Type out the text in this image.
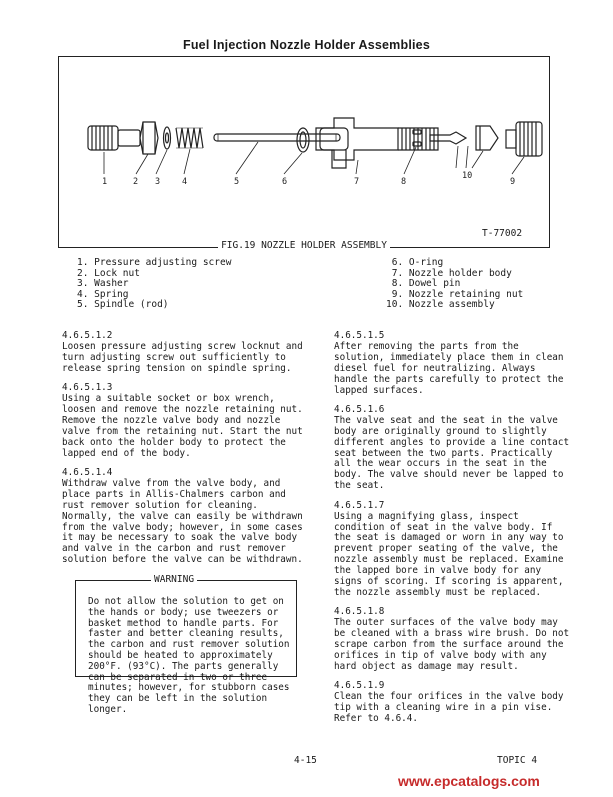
Fuel Injection Nozzle Holder Assemblies
1	2 3	4	5	6	7	8
10
9
T-77002
FIG.19 NOZZLE HOLDER ASSEMBLY
1. Pressure adjusting screw
2. Lock nut
3. Washer
4. Spring
5. Spindle (rod)
6. O-ring
7. Nozzle holder body
8. Dowel pin
9. Nozzle retaining nut
10. Nozzle assembly
4.6.5.1.2
Loosen pressure adjusting screw locknut and turn adjusting screw out sufficiently to release spring tension on spindle spring.
4.6.5.1.3
Using a suitable socket or box wrench, loosen and remove the nozzle retaining nut. Remove the nozzle valve body and nozzle valve from the retaining nut. Start the nut back onto the holder body to protect the lapped end of the body.
4.6.5.1.4
Withdraw valve from the valve body, and place parts in Allis-Chalmers carbon and rust remover solution for cleaning. Normally, the valve can easily be withdrawn from the valve body; however, in some cases it may be necessary to soak the valve body and valve in the carbon and rust remover solution before the valve can be withdrawn.
WARNING
Do not allow the solution to get on the hands or body; use tweezers or basket method to handle parts. For faster and better cleaning results, the carbon and rust remover solution should be heated to approximately 200°F. (93°C). The parts generally can be separated in two or three minutes; however, for stubborn cases they can be left in the solution longer.
4.6.5.1.5
After removing the parts from the solution, immediately place them in clean diesel fuel for neutralizing. Always handle the parts carefully to protect the lapped surfaces.
4.6.5.1.6
The valve seat and the seat in the valve body are originally ground to slightly different angles to provide a line contact seat between the two parts. Practically all the wear occurs in the seat in the body. The valve should never be lapped to the seat.
4.6.5.1.7
Using a magnifying glass, inspect condition of seat in the valve body. If the seat is damaged or worn in any way to prevent proper seating of the valve, the nozzle assembly must be replaced. Examine the lapped bore in valve body for any signs of scoring. If scoring is apparent, the nozzle assembly must be replaced.
4.6.5.1.8
The outer surfaces of the valve body may be cleaned with a brass wire brush. Do not scrape carbon from the surface around the orifices in tip of valve body with any hard object as damage may result.
4.6.5.1.9
Clean the four orifices in the valve body tip with a cleaning wire in a pin vise. Refer to 4.6.4.
4-15	TOPIC 4
www.epcatalogs.com
